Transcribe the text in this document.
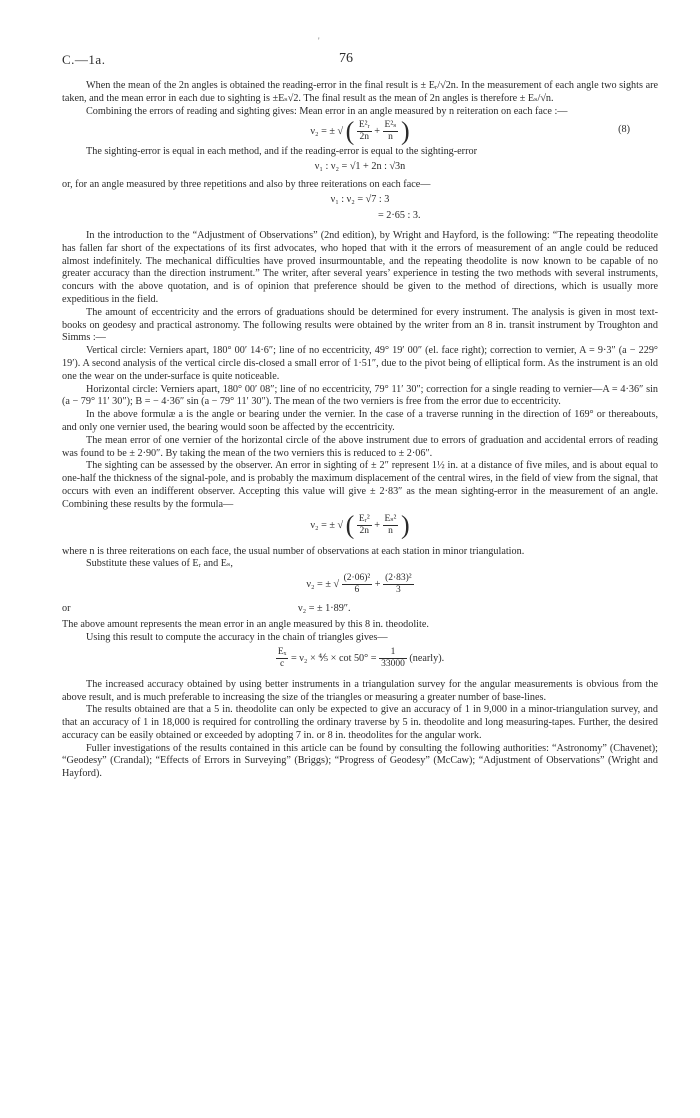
'
C.—1a.	76

When the mean of the 2n angles is obtained the reading-error in the final result is ± Eᵣ/√2n. In the measurement of each angle two sights are taken, and the mean error in each due to sighting is ±Eₛ√2. The final result as the mean of 2n angles is therefore ± Eₛ/√n.

Combining the errors of reading and sighting gives: Mean error in an angle measured by n reiteration on each face :—

ν₂ = ± √ ( $\frac{\text{E²ᵣ}}{2n} + \frac{\text{E²ₛ}}{n}$ )	(8)

The sighting-error is equal in each method, and if the reading-error is equal to the sighting-error

ν₁ : ν₂ = √1 + 2n : √3n

or, for an angle measured by three repetitions and also by three reiterations on each face—

ν₁ : ν₂ = √7 : 3
= 2·65 : 3.

In the introduction to the “Adjustment of Observations” (2nd edition), by Wright and Hayford, is the following: “The repeating theodolite has fallen far short of the expectations of its first advocates, who hoped that with it the errors of measurement of an angle could be reduced almost indefinitely. The mechanical difficulties have proved insurmountable, and the repeating theodolite is now known to be capable of no greater accuracy than the direction instrument.” The writer, after several years’ experience in testing the two methods with several instruments, concurs with the above quotation, and is of opinion that preference should be given to the method of directions, which is usually more expeditious in the field.

The amount of eccentricity and the errors of graduations should be determined for every instrument. The analysis is given in most text-books on geodesy and practical astronomy. The following results were obtained by the writer from an 8 in. transit instrument by Troughton and Simms :—

Vertical circle: Verniers apart, 180° 00′ 14·6″; line of no eccentricity, 49° 19′ 00″ (el. face right); correction to vernier, A = 9·3″ (a − 229° 19′). A second analysis of the vertical circle dis-closed a small error of 1·51″, due to the pivot being of elliptical form. As the instrument is an old one the wear on the under-surface is quite noticeable.

Horizontal circle: Verniers apart, 180° 00′ 08″; line of no eccentricity, 79° 11′ 30″; correction for a single reading to vernier—A = 4·36″ sin (a − 79° 11′ 30″); B = − 4·36″ sin (a − 79° 11′ 30″). The mean of the two verniers is free from the error due to eccentricity.

In the above formulæ a is the angle or bearing under the vernier. In the case of a traverse running in the direction of 169° or thereabouts, and only one vernier used, the bearing would soon be affected by the eccentricity.

The mean error of one vernier of the horizontal circle of the above instrument due to errors of graduation and accidental errors of reading was found to be ± 2·90″. By taking the mean of the two verniers this is reduced to ± 2·06″.

The sighting can be assessed by the observer. An error in sighting of ± 2″ represent 1½ in. at a distance of five miles, and is about equal to one-half the thickness of the signal-pole, and is probably the maximum displacement of the central wires, in the field of view from the signal, that occurs with even an indifferent observer. Accepting this value will give ± 2·83″ as the mean sighting-error in the measurement of an angle. Combining these results by the formula—

ν₂ = ± √ ( $\frac{\text{Eᵣ²}}{2n} + \frac{\text{Eₛ²}}{n}$ )

where n is three reiterations on each face, the usual number of observations at each station in minor triangulation.

Substitute these values of Eᵣ and Eₛ,

ν₂ = ± √ $\frac{\text{(2·06)²}}{6} + \frac{\text{(2·83)²}}{3}$
or	ν₂ = ± 1·89″.

The above amount represents the mean error in an angle measured by this 8 in. theodolite.

Using this result to compute the accuracy in the chain of triangles gives—

$\frac{\text{Eₓ}}{c} = \nu_2$ × ⅘ × $\cot 50^\circ = \frac{1}{33000}$ (nearly).

The increased accuracy obtained by using better instruments in a triangulation survey for the angular measurements is obvious from the above result, and is much preferable to increasing the size of the triangles or measuring a greater number of base-lines.

The results obtained are that a 5 in. theodolite can only be expected to give an accuracy of 1 in 9,000 in a minor-triangulation survey, and that an accuracy of 1 in 18,000 is required for controlling the ordinary traverse by 5 in. theodolite and long measuring-tapes. Further, the desired accuracy can be easily obtained or exceeded by adopting 7 in. or 8 in. theodolites for the angular work.

Fuller investigations of the results contained in this article can be found by consulting the following authorities: “Astronomy” (Chavenet); “Geodesy” (Crandal); “Effects of Errors in Surveying” (Briggs); “Progress of Geodesy” (McCaw); “Adjustment of Observations” (Wright and Hayford).
